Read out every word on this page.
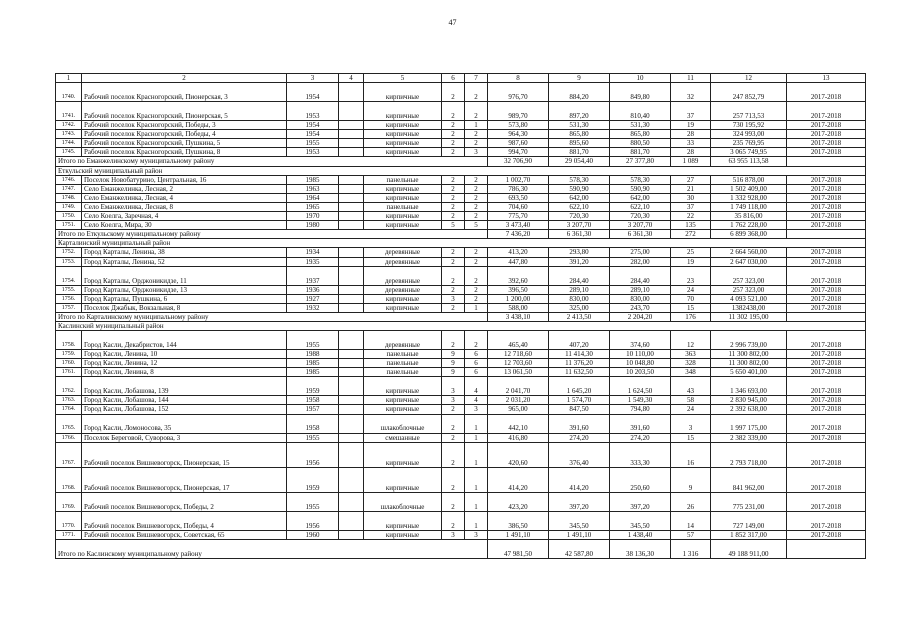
47
1	2	3	4	5	6	7	8	9	10	11	12	13
1740.	Рабочий поселок Красногорский, Пионерская, 3	1954		кирпичные	2	2	976,70	884,20	849,80	32	247 852,79	2017-2018
1741.	Рабочий поселок Красногорский, Пионерская, 5	1953		кирпичные	2	2	989,70	897,20	810,40	37	257 713,53	2017-2018
1742.	Рабочий поселок Красногорский, Победы, 3	1954		кирпичные	2	1	573,80	531,30	531,30	19	730 195,92	2017-2018
1743.	Рабочий поселок Красногорский, Победы, 4	1954		кирпичные	2	2	964,30	865,80	865,80	28	324 993,00	2017-2018
1744.	Рабочий поселок Красногорский, Пушкина, 5	1955		кирпичные	2	2	987,60	895,60	880,50	33	235 769,95	2017-2018
1745.	Рабочий поселок Красногорский, Пушкина, 8	1953		кирпичные	2	3	994,70	881,70	881,70	28	3 065 749,95	2017-2018
Итого по Еманжелинскому муниципальному району							32 706,90	29 054,40	27 377,80	1 089	63 955 113,58	
Еткульский муниципальный район												
1746.	Поселок Новобатурино, Центральная, 16	1985		панельные	2	2	1 002,70	578,30	578,30	27	516 878,00	2017-2018
1747.	Село Еманжелинка, Лесная, 2	1963		кирпичные	2	2	786,30	590,90	590,90	21	1 502 409,00	2017-2018
1748.	Село Еманжелинка, Лесная, 4	1964		кирпичные	2	2	693,50	642,00	642,00	30	1 332 928,00	2017-2018
1749.	Село Еманжелинка, Лесная, 8	1965		панельные	2	2	704,60	622,10	622,10	37	1 749 118,00	2017-2018
1750.	Село Коелга, Заречная, 4	1970		кирпичные	2	2	775,70	720,30	720,30	22	35 816,00	2017-2018
1751.	Село Коелга, Мира, 30	1980		кирпичные	5	5	3 473,40	3 207,70	3 207,70	135	1 762 228,00	2017-2018
Итого по Еткульскому муниципальному району							7 436,20	6 361,30	6 361,30	272	6 899 368,00	
Карталинский муниципальный район												
1752.	Город Карталы, Ленина, 38	1934		деревянные	2	2	413,20	293,80	275,00	25	2 664 560,00	2017-2018
1753.	Город Карталы, Ленина, 52	1935		деревянные	2	2	447,80	391,20	282,00	19	2 647 030,00	2017-2018
1754.	Город Карталы, Орджоникидзе, 11	1937		деревянные	2	2	392,60	284,40	284,40	23	257 323,00	2017-2018
1755.	Город Карталы, Орджоникидзе, 13	1936		деревянные	2	2	396,50	289,10	289,10	24	257 323,00	2017-2018
1756.	Город Карталы, Пушкина, 6	1927		кирпичные	3	2	1 200,00	830,00	830,00	70	4 093 521,00	2017-2018
1757.	Поселок Джабык, Вокзальная, 8	1932		кирпичные	2	1	588,00	325,00	243,70	15	1382438,00	2017-2018
Итого по Карталинскому муниципальному району							3 438,10	2 413,50	2 204,20	176	11 302 195,00	
Каслинский муниципальный район												
1758.	Город Касли, Декабристов, 144	1955		деревянные	2	2	465,40	407,20	374,60	12	2 996 739,00	2017-2018
1759.	Город Касли, Ленина, 10	1988		панельные	9	6	12 718,60	11 414,30	10 110,00	363	11 300 802,00	2017-2018
1760.	Город Касли, Ленина, 12	1985		панельные	9	6	12 703,60	11 376,20	10 048,80	328	11 300 802,00	2017-2018
1761.	Город Касли, Ленина, 8	1985		панельные	9	6	13 061,50	11 632,50	10 203,50	348	5 650 401,00	2017-2018
1762.	Город Касли, Лобашова, 139	1959		кирпичные	3	4	2 041,70	1 645,20	1 624,50	43	1 346 693,00	2017-2018
1763.	Город Касли, Лобашова, 144	1958		кирпичные	3	4	2 031,20	1 574,70	1 549,30	58	2 830 945,00	2017-2018
1764.	Город Касли, Лобашова, 152	1957		кирпичные	2	3	965,00	847,50	794,80	24	2 392 638,00	2017-2018
1765.	Город Касли, Ломоносова, 35	1958		шлакоблочные	2	1	442,10	391,60	391,60	3	1 997 175,00	2017-2018
1766.	Поселок Береговой, Суворова, 3	1955		смешанные	2	1	416,80	274,20	274,20	15	2 382 339,00	2017-2018
1767.	Рабочий поселок Вишневогорск, Пионерская, 15	1956		кирпичные	2	1	420,60	376,40	333,30	16	2 793 718,00	2017-2018
1768.	Рабочий поселок Вишневогорск, Пионерская, 17	1959		кирпичные	2	1	414,20	414,20	250,60	9	841 962,00	2017-2018
1769.	Рабочий поселок Вишневогорск, Победы, 2	1955		шлакоблочные	2	1	423,20	397,20	397,20	26	775 231,00	2017-2018
1770.	Рабочий поселок Вишневогорск, Победы, 4	1956		кирпичные	2	1	386,50	345,50	345,50	14	727 149,00	2017-2018
1771.	Рабочий поселок Вишневогорск, Советская, 65	1960		кирпичные	3	3	1 491,10	1 491,10	1 438,40	57	1 852 317,00	2017-2018
Итого по Каслинскому муниципальному району							47 981,50	42 587,80	38 136,30	1 316	49 188 911,00	
